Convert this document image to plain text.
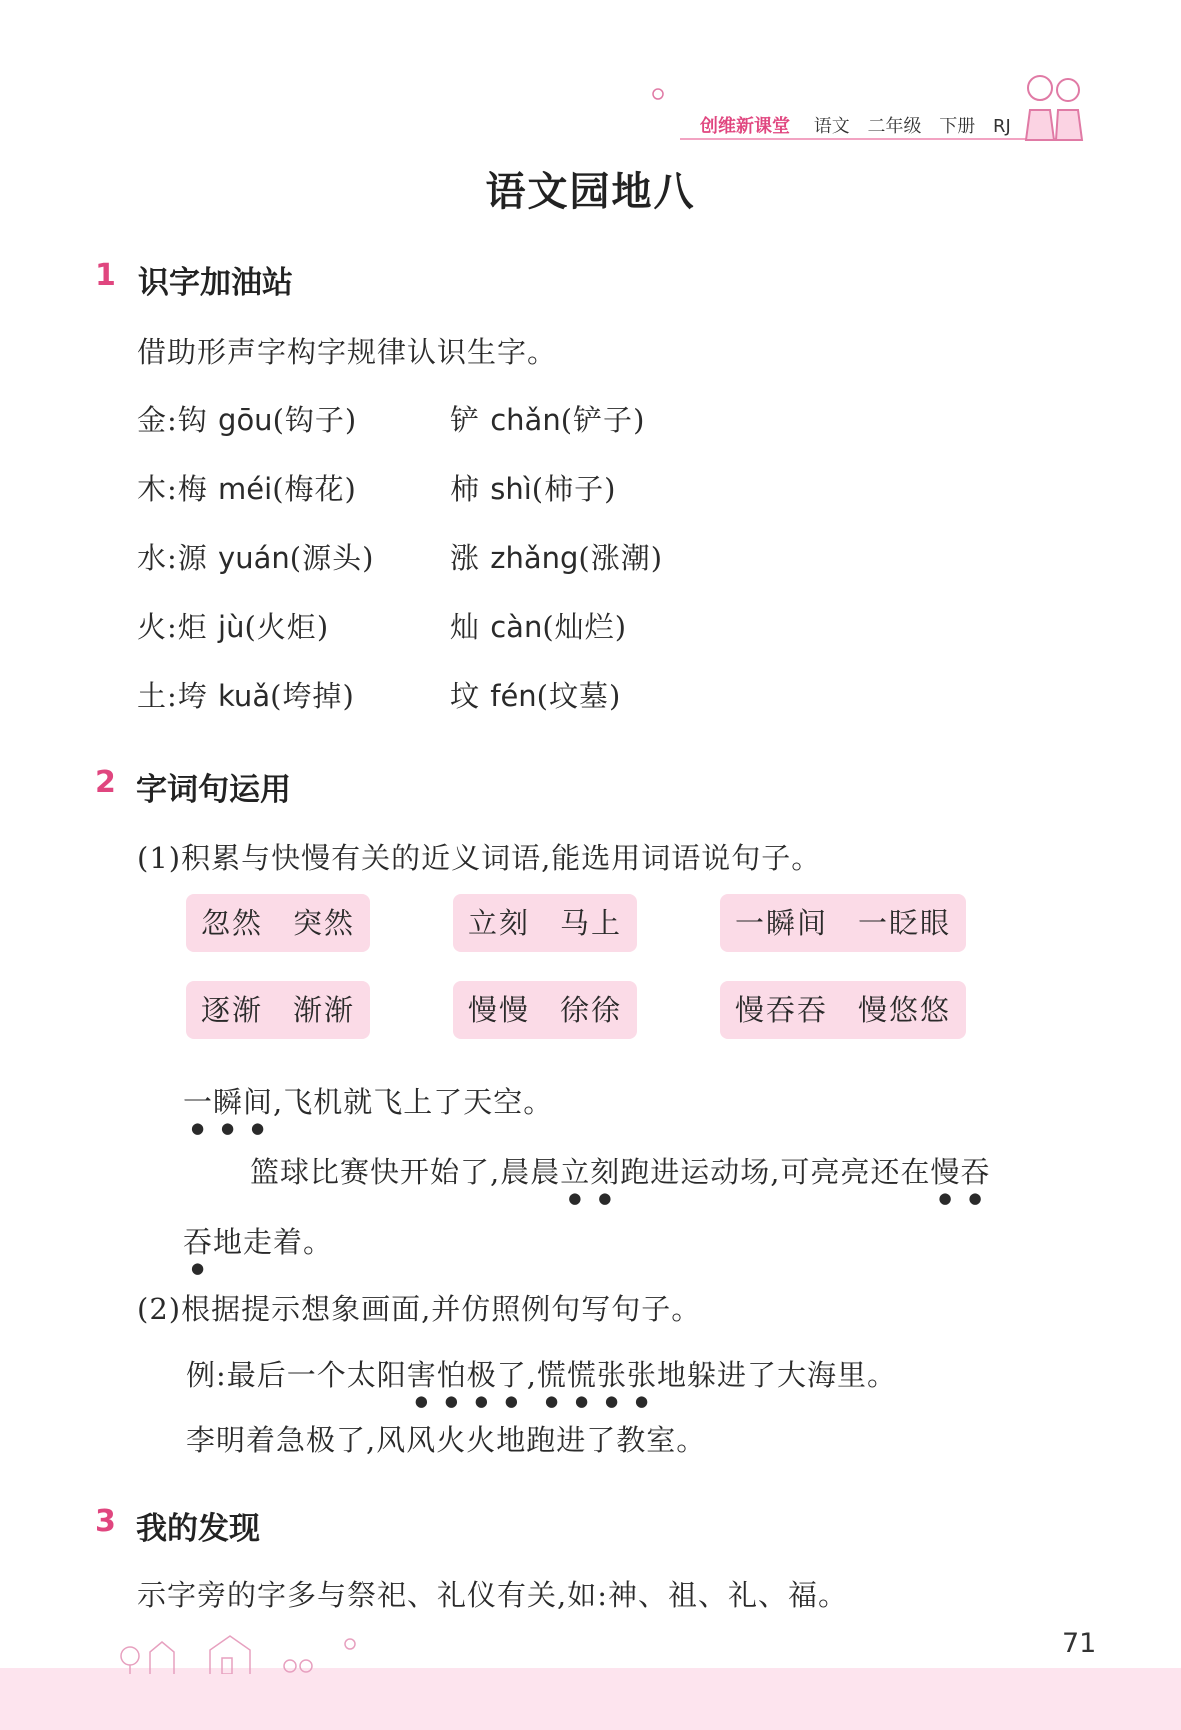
创维新课堂 语文 二年级 下册 RJ
语文园地八
1 识字加油站
借助形声字构字规律认识生字。
金:钩 gōu(钩子)	铲 chǎn(铲子)
木:梅 méi(梅花)	柿 shì(柿子)
水:源 yuán(源头)	涨 zhǎng(涨潮)
火:炬 jù(火炬)	灿 càn(灿烂)
土:垮 kuǎ(垮掉)	坟 fén(坟墓)
2 字词句运用
(1)积累与快慢有关的近义词语,能选用词语说句子。
忽然 突然	立刻 马上	一瞬间 一眨眼
逐渐 渐渐	慢慢 徐徐	慢吞吞 慢悠悠
一瞬间,飞机就飞上了天空。
篮球比赛快开始了,晨晨立刻跑进运动场,可亮亮还在慢吞
吞地走着。
(2)根据提示想象画面,并仿照例句写句子。
例:最后一个太阳害怕极了,慌慌张张地躲进了大海里。
李明着急极了,风风火火地跑进了教室。
3 我的发现
示字旁的字多与祭祀、礼仪有关,如:神、祖、礼、福。
71
